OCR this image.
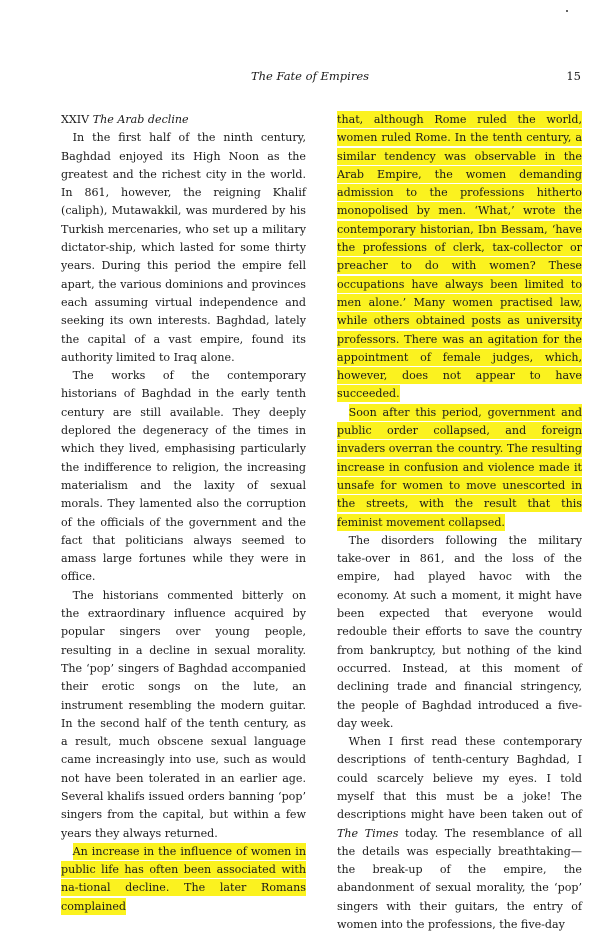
The Fate of Empires	15
XXIV The Arab decline

In the first half of the ninth century, Baghdad enjoyed its High Noon as the greatest and the richest city in the world. In 861, however, the reigning Khalif (caliph), Mutawakkil, was murdered by his Turkish mercenaries, who set up a military dictator-ship, which lasted for some thirty years. During this period the empire fell apart, the various dominions and provinces each assuming virtual independence and seeking its own interests. Baghdad, lately the capital of a vast empire, found its authority limited to Iraq alone.

The works of the contemporary historians of Baghdad in the early tenth century are still available. They deeply deplored the degeneracy of the times in which they lived, emphasising particularly the indifference to religion, the increasing materialism and the laxity of sexual morals. They lamented also the corruption of the officials of the government and the fact that politicians always seemed to amass large fortunes while they were in office.

The historians commented bitterly on the extraordinary influence acquired by popular singers over young people, resulting in a decline in sexual morality. The ‘pop’ singers of Baghdad accompanied their erotic songs on the lute, an instrument resembling the modern guitar. In the second half of the tenth century, as a result, much obscene sexual language came increasingly into use, such as would not have been tolerated in an earlier age. Several khalifs issued orders banning ‘pop’ singers from the capital, but within a few years they always returned.

An increase in the influence of women in public life has often been associated with na-tional decline. The later Romans complained

that, although Rome ruled the world, women ruled Rome. In the tenth century, a similar tendency was observable in the Arab Empire, the women demanding admission to the professions hitherto monopolised by men. ‘What,’ wrote the contemporary historian, Ibn Bessam, ‘have the professions of clerk, tax-collector or preacher to do with women? These occupations have always been limited to men alone.’ Many women practised law, while others obtained posts as university professors. There was an agitation for the appointment of female judges, which, however, does not appear to have succeeded.

Soon after this period, government and public order collapsed, and foreign invaders overran the country. The resulting increase in confusion and violence made it unsafe for women to move unescorted in the streets, with the result that this feminist movement collapsed.

The disorders following the military take-over in 861, and the loss of the empire, had played havoc with the economy. At such a moment, it might have been expected that everyone would redouble their efforts to save the country from bankruptcy, but nothing of the kind occurred. Instead, at this moment of declining trade and financial stringency, the people of Baghdad introduced a five-day week.

When I first read these contemporary descriptions of tenth-century Baghdad, I could scarcely believe my eyes. I told myself that this must be a joke! The descriptions might have been taken out of The Times today. The resemblance of all the details was especially breathtaking—the break-up of the empire, the abandonment of sexual morality, the ‘pop’ singers with their guitars, the entry of women into the professions, the five-day
